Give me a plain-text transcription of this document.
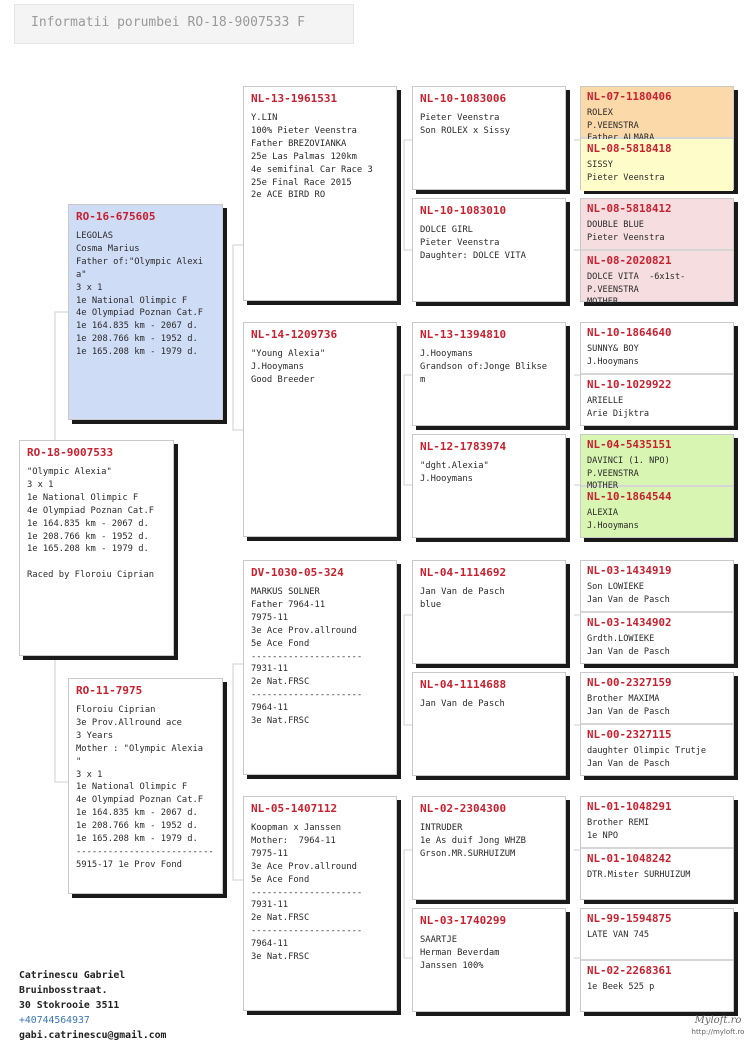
Informatii porumbei RO-18-9007533 F
RO-18-9007533
"Olympic Alexia"
3 x 1
1e National Olimpic F
4e Olympiad Poznan Cat.F
1e 164.835 km - 2067 d.
1e 208.766 km - 1952 d.
1e 165.208 km - 1979 d.

Raced by Floroiu Ciprian
RO-16-675605
LEGOLAS
Cosma Marius
Father of:"Olympic Alexi
a"
3 x 1
1e National Olimpic F
4e Olympiad Poznan Cat.F
1e 164.835 km - 2067 d.
1e 208.766 km - 1952 d.
1e 165.208 km - 1979 d.
RO-11-7975
Floroiu Ciprian
3e Prov.Allround ace
3 Years
Mother : "Olympic Alexia
"
3 x 1
1e National Olimpic F
4e Olympiad Poznan Cat.F
1e 164.835 km - 2067 d.
1e 208.766 km - 1952 d.
1e 165.208 km - 1979 d.
--------------------------
5915-17 1e Prov Fond
NL-13-1961531
Y.LIN
100% Pieter Veenstra
Father BREZOVIANKA
25e Las Palmas 120km
4e semifinal Car Race 3
25e Final Race 2015
2e ACE BIRD RO
NL-14-1209736
"Young Alexia"
J.Hooymans
Good Breeder
DV-1030-05-324
MARKUS SOLNER
Father 7964-11
7975-11
3e Ace Prov.allround
5e Ace Fond
---------------------
7931-11
2e Nat.FRSC
---------------------
7964-11
3e Nat.FRSC
NL-05-1407112
Koopman x Janssen
Mother:  7964-11
7975-11
3e Ace Prov.allround
5e Ace Fond
---------------------
7931-11
2e Nat.FRSC
---------------------
7964-11
3e Nat.FRSC
NL-10-1083006
Pieter Veenstra
Son ROLEX x Sissy
NL-10-1083010
DOLCE GIRL
Pieter Veenstra
Daughter: DOLCE VITA
NL-13-1394810
J.Hooymans
Grandson of:Jonge Blikse
m
NL-12-1783974
"dght.Alexia"
J.Hooymans
NL-04-1114692
Jan Van de Pasch
blue
NL-04-1114688
Jan Van de Pasch
NL-02-2304300
INTRUDER
1e As duif Jong WHZB
Grson.MR.SURHUIZUM
NL-03-1740299
SAARTJE
Herman Beverdam
Janssen 100%
NL-07-1180406
ROLEX
P.VEENSTRA

NL-08-5818418
SISSY
Pieter Veenstra
NL-08-5818412
DOUBLE BLUE
Pieter Veenstra
NL-08-2020821
DOLCE VITA  -6x1st-
P.VEENSTRA
MOTHER
NL-10-1864640
SUNNY& BOY
J.Hooymans
NL-10-1029922
ARIELLE
Arie Dijktra
NL-04-5435151
DAVINCI (1. NPO)
P.VEENSTRA
MOTHER
NL-10-1864544
ALEXIA
J.Hooymans
NL-03-1434919
Son LOWIEKE
Jan Van de Pasch
NL-03-1434902
Grdth.LOWIEKE
Jan Van de Pasch
NL-00-2327159
Brother MAXIMA
Jan Van de Pasch
NL-00-2327115
daughter Olimpic Trutje
Jan Van de Pasch
NL-01-1048291
Brother REMI
1e NPO
NL-01-1048242
DTR.Mister SURHUIZUM
NL-99-1594875
LATE VAN 745
NL-02-2268361
1e Beek 525 p
Catrinescu Gabriel
Bruinbosstraat.
30 Stokrooie 3511
+40744564937
gabi.catrinescu@gmail.com
Myloft.ro
http://myloft.ro
